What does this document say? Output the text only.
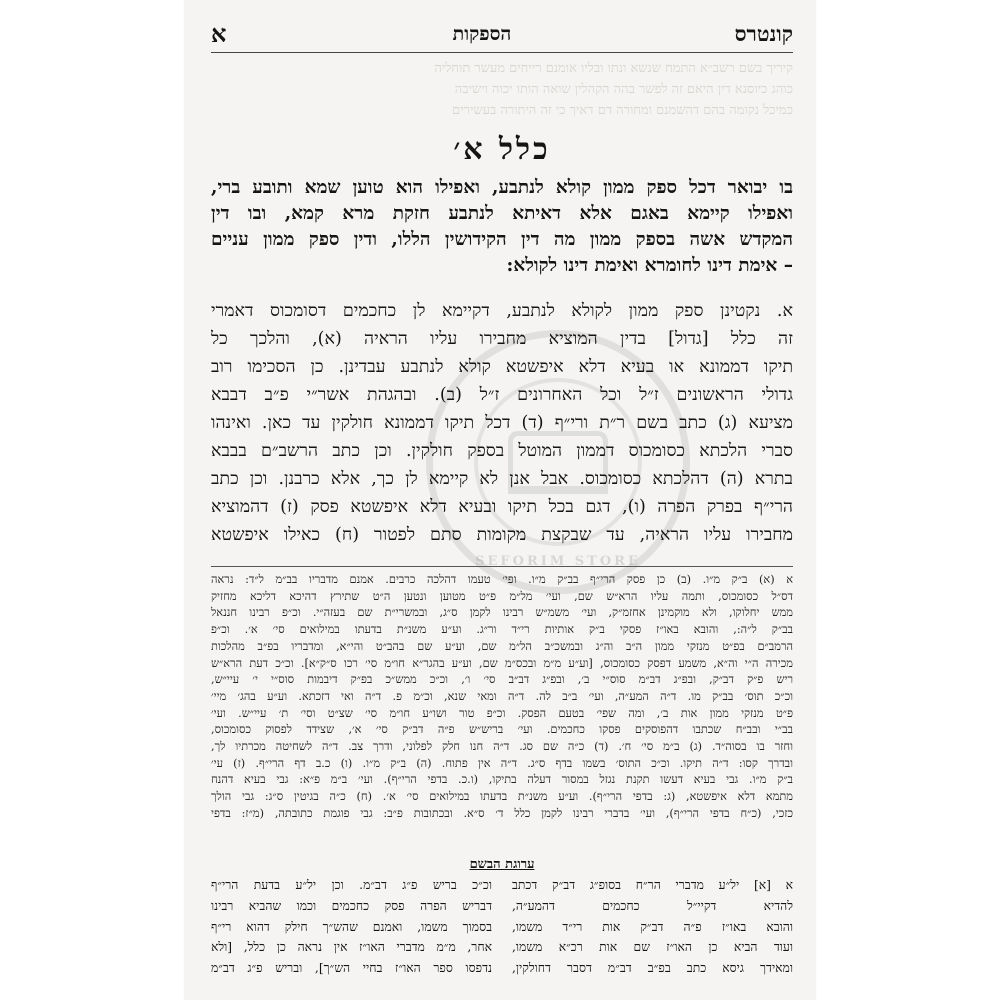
קונטרס
הספקות
א
קיריך בשם רשב״א התמח שנשא ונתו ובליו אומנם רייחים מעשר תוחליה
כוהג כיוסנא דין היאם זה לפשר בהה הקהלין שואה הותו יכוה וישיבה
כמיכל נקומה בהם דהשמנם ומחורה דם דאיך כי זה היתורה בעשירים
כלל א׳
בו יבואר דכל ספק ממון קולא לנתבע, ואפילו הוא טוען שמא ותובע ברי,
ואפילו קיימא באגם אלא דאיתא לנתבע חזקת מרא קמא, ובו דין
המקדש אשה בספק ממון מה דין הקידושין הללו, ודין ספק ממון עניים
– אימת דינו לחומרא ואימת דינו לקולא:
SEFORIM STORE
א. נקטינן ספק ממון לקולא לנתבע, דקיימא לן כחכמים דסומכוס דאמרי
זה כלל [גדול] בדין המוציא מחבירו עליו הראיה (א), והלכך כל
תיקו דממונא או בעיא דלא איפשטא קולא לנתבע עבדינן. כן הסכימו רוב
גדולי הראשונים ז״ל וכל האחרונים ז״ל (ב). ובהגהת אשר״י פ״ב דבבא
מציעא (ג) כתב בשם ר״ת ורי״ף (ד) דכל תיקו דממונא חולקין עד כאן. ואינהו
סברי הלכתא כסומכוס דממון המוטל בספק חולקין. וכן כתב הרשב״ם בבבא
בתרא (ה) דהלכתא כסומכוס. אבל אנן לא קיימא לן כך, אלא כרבנן. וכן כתב
הרי״ף בפרק הפרה (ו), דגם בכל תיקו ובעיא דלא איפשטא פסק (ז) דהמוציא
מחבירו עליו הראיה, עד שבקצת מקומות סתם לפטור (ח) כאילו איפשטא
א (א) ב״ק מ״ו. (ב) כן פסק הרי״ף בב״ק מ״ו. ופי׳ טעמו דהלכה כרבים. אמנם מדבריו בב״מ ל״ד: נראה
דס״ל כסומכוס, ותמה עליו הרא״ש שם, ועי׳ מל״מ פ״ט מטוען ונטען ה״ט שתירץ דהיכא דליכא מחזיק
ממש יחלוקו, ולא מוקמינן אחזמ״ק, ועי׳ משמ״ש רבינו לקמן ס״ג, ובמשרי״ת שם בעזה״י. וכ״פ רבינו חננאל
בב״ק ל״ה:, והובא באו״ז פסקי ב״ק אותיות רי״ד ור״ג. וע״ע משנ״ת בדעתו במילואים סי׳ א׳. וכ״פ
הרמב״ם בפ״ט מנזקי ממון ה״ב וה״ג ובמשכ״ב הל״מ שם, וע״ע שם בהב״ט והי״א, ומדבריו בפ״ב מהלכות
מכירה ה״י וה״א, משמע דפסק כסומכוס, [וע״ע מ״מ ובכס״מ שם, וע״ע בהגר״א חו״מ סי׳ רכו ס״ק״א]. וכ״כ דעת הרא״ש
ריש פ״ק דב״ק, ובפ״ג דב״מ סוס״י ב׳, ובפ״ג דב״ב סי׳ ו׳, וכ״כ ממש״כ בפ״ק דיבמות סוס״י י׳ עיי״ש,
וכ״כ תוס׳ בב״ק מו. ד״ה המע״ה, ועי׳ ב״ב לה. ד״ה ומאי שנא, וכ״מ פ. ד״ה ואי דזכתא. וע״ע בהג׳ מיי׳
פ״ט מנזקי ממון אות ב׳, ומה שפי׳ בטעם הפסק. וכ״פ טור ושו״ע חו״מ סי׳ שצ״ט וסי׳ ת׳ עיי״ש. ועי׳
בב״י ובב״ח שכתבו דהפוסקים פסקו כחכמים. ועי׳ בריש״ש פ״ה דב״ק סי׳ א׳, שצידד לפסוק כסומכוס,
וחזר בו בסוה״ד. (ג) ב״מ סי׳ ח׳. (ד) כ״ה שם סג. ד״ה חנו חלק לפלוני, ודרך צב. ד״ה לשחיטה מכרתיו לך,
ובדרך קסו: ד״ה תיקו. וכ״כ התוס׳ בשמו בדף ס״ג. ד״ה אין פתוח. (ה) ב״ק מ״ו. (ו) כ.ב דף הרי״ף. (ז) עי׳
ב״ק מ״ו. גבי בעיא דעשו תקנת נגזל במסור דעלה בתיקו, (ו.כ. בדפי הרי״ף). ועי׳ ב״מ פ״א: גבי בעיא דהנח
מתמא דלא איפשטא, (ג: בדפי הרי״ף). וע״ע משנ״ת בדעתו במילואים סי׳ א׳. (ח) כ״ה בגיטין ס״ג: גבי הולך
כזכי, (כ״ח בדפי הרי״ף), ועי׳ בדברי רבינו לקמן כלל ד׳ ס״א. ובכתובות פ״ב: גבי פוגמת כתובתה, (מ״ז: בדפי
ערוגת הבשם
א [א] יל״ע מדברי הר״ח בסופ״ג דב״ק דכתב
להדיא דקיי״ל כחכמים דהמע״ה,
והובא באו״ז פ״ה דב״ק אות רי״ד משמו,
ועוד הביא כן האו״ז שם אות רכ״א משמו,
ומאידך גיסא כתב בפ״ב דב״מ דסבר דחולקין,
וכ״כ בריש פ״ג דב״מ. וכן יל״ע בדעת הרי״ף
דבריש הפרה פסק כחכמים וכמו שהביא רבינו
בסמוך משמו, ואמנם שהש״ך חילק דהוא רי״ף
אחר, מ״מ מדברי האו״ז אין נראה כן כלל, [ולא
נדפסו ספר האו״ז בחיי הש״ך], ובריש פ״ג דב״מ
